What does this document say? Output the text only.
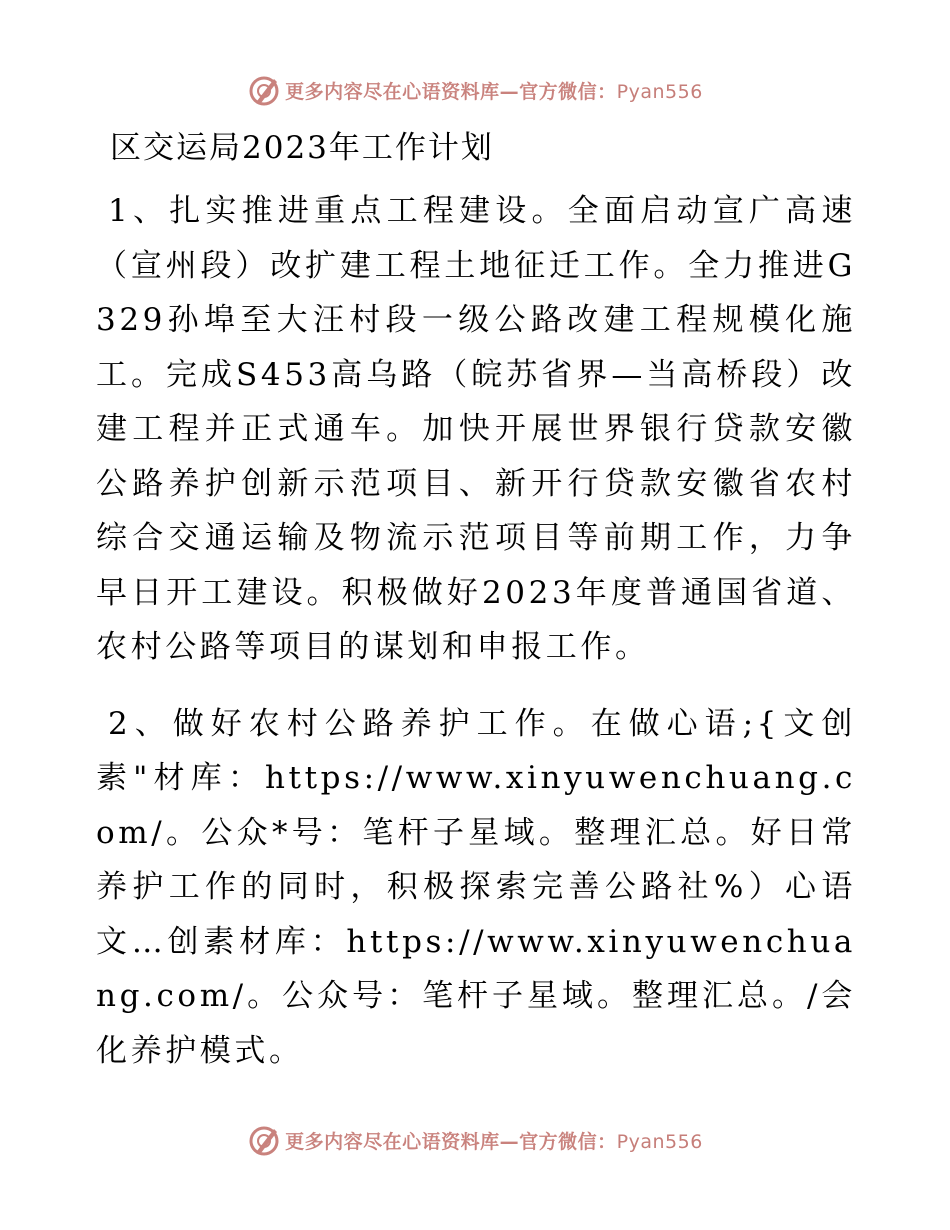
更多内容尽在心语资料库—官方微信：Pyan556
区交运局2023年工作计划

1、扎实推进重点工程建设。全面启动宣广高速（宣州段）改扩建工程土地征迁工作。全力推进G329孙埠至大汪村段一级公路改建工程规模化施工。完成S453高乌路（皖苏省界—当高桥段）改建工程并正式通车。加快开展世界银行贷款安徽公路养护创新示范项目、新开行贷款安徽省农村综合交通运输及物流示范项目等前期工作，力争早日开工建设。积极做好2023年度普通国省道、农村公路等项目的谋划和申报工作。

2、做好农村公路养护工作。在做心语;{文创素"材库：https://www.xinyuwenchuang.com/。公众*号：笔杆子星域。整理汇总。好日常养护工作的同时，积极探索完善公路社%）心语文…创素材库：https://www.xinyuwenchuang.com/。公众号：笔杆子星域。整理汇总。/会化养护模式。

更多内容尽在心语资料库—官方微信：Pyan556
